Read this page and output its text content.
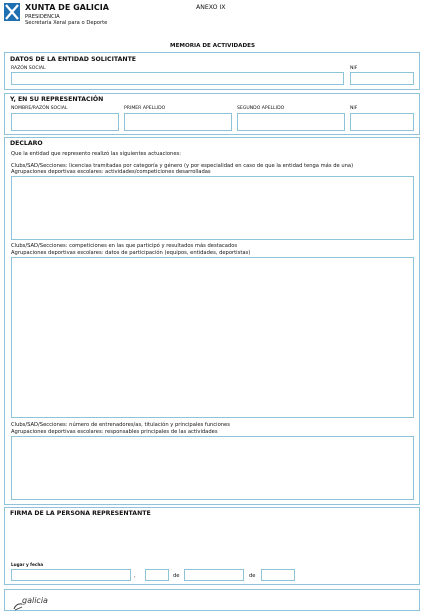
XUNTA DE GALICIA
PRESIDENCIA
Secretaría Xeral para o Deporte
ANEXO IX
MEMORIA DE ACTIVIDADES
DATOS DE LA ENTIDAD SOLICITANTE
RAZÓN SOCIAL	NIF
Y, EN SU REPRESENTACIÓN
NOMBRE/RAZÓN SOCIAL	PRIMER APELLIDO	SEGUNDO APELLIDO	NIF
DECLARO
Que la entidad que represento realizó las siguientes actuaciones:
Clubs/SAD/Secciones: licencias tramitadas por categoría y género (y por especialidad en caso de que la entidad tenga más de una)
Agrupaciones deportivas escolares: actividades/competiciones desarrolladas
Clubs/SAD/Secciones: competiciones en las que participó y resultados más destacados
Agrupaciones deportivas escolares: datos de participación (equipos, entidades, deportistas)
Clubs/SAD/Secciones: número de entrenadores/as, titulación y principales funciones
Agrupaciones deportivas escolares: responsables principales de las actividades
FIRMA DE LA PERSONA REPRESENTANTE
Lugar y fecha
,	de	de
galicia
